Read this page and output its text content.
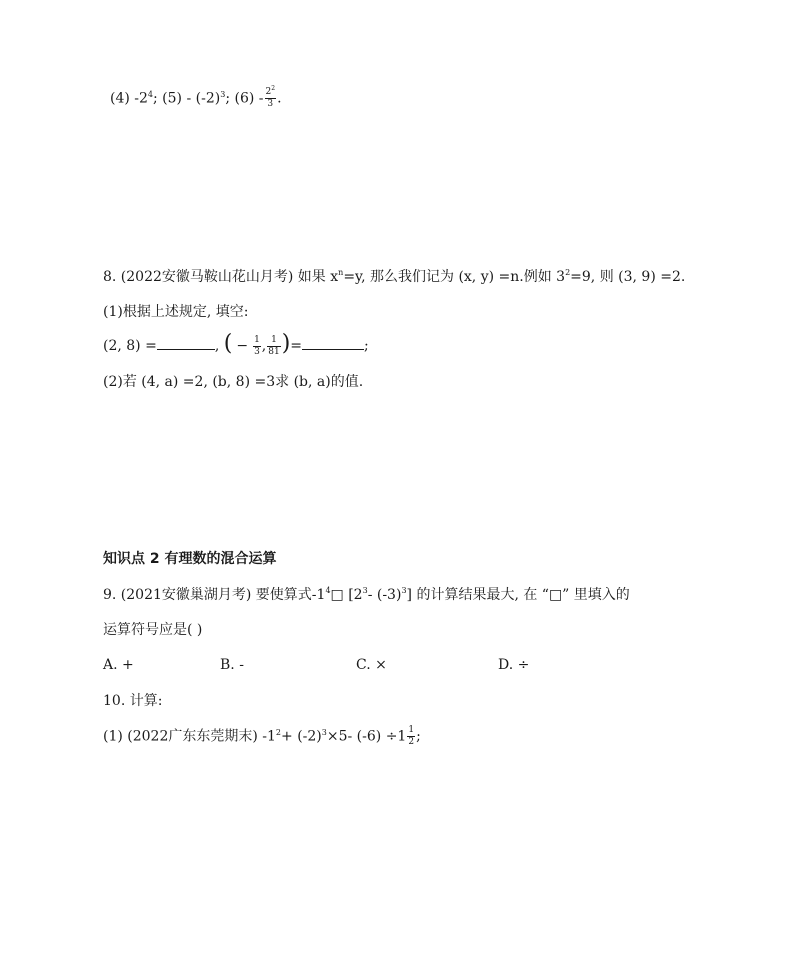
(4) $-2^4$; $(5) - (-2)^3$; $(6) - \frac{2^2}{3}$ .
8. (2022安徽马鞍山花山月考) 如果 $x^n=y$, 那么我们记为 (x, y) =n.例如 $3^2=9$, 则 (3, 9) =2.
(1)根据上述规定, 填空:
(2, 8) =	, ( − $\frac{1}{3}$ , $\frac{1}{81}$ )=	;
(2)若 (4, a) =2, (b, 8) =3求 (b, a)的值.
知识点 2 有理数的混合运算
9. (2021安徽巢湖月考) 要使算式$-1^4□$ [$2^3-$ $(-3)^3$] 的计算结果最大, 在 “□” 里填入的
运算符号应是( )
A. +	B. -	C. ×	D. ÷
10. 计算:
(1) (2022广东东莞期末) $-1^2+ (-2)^3\times 5-$ $(-6) \div 1 \frac{1}{2}$ ;
